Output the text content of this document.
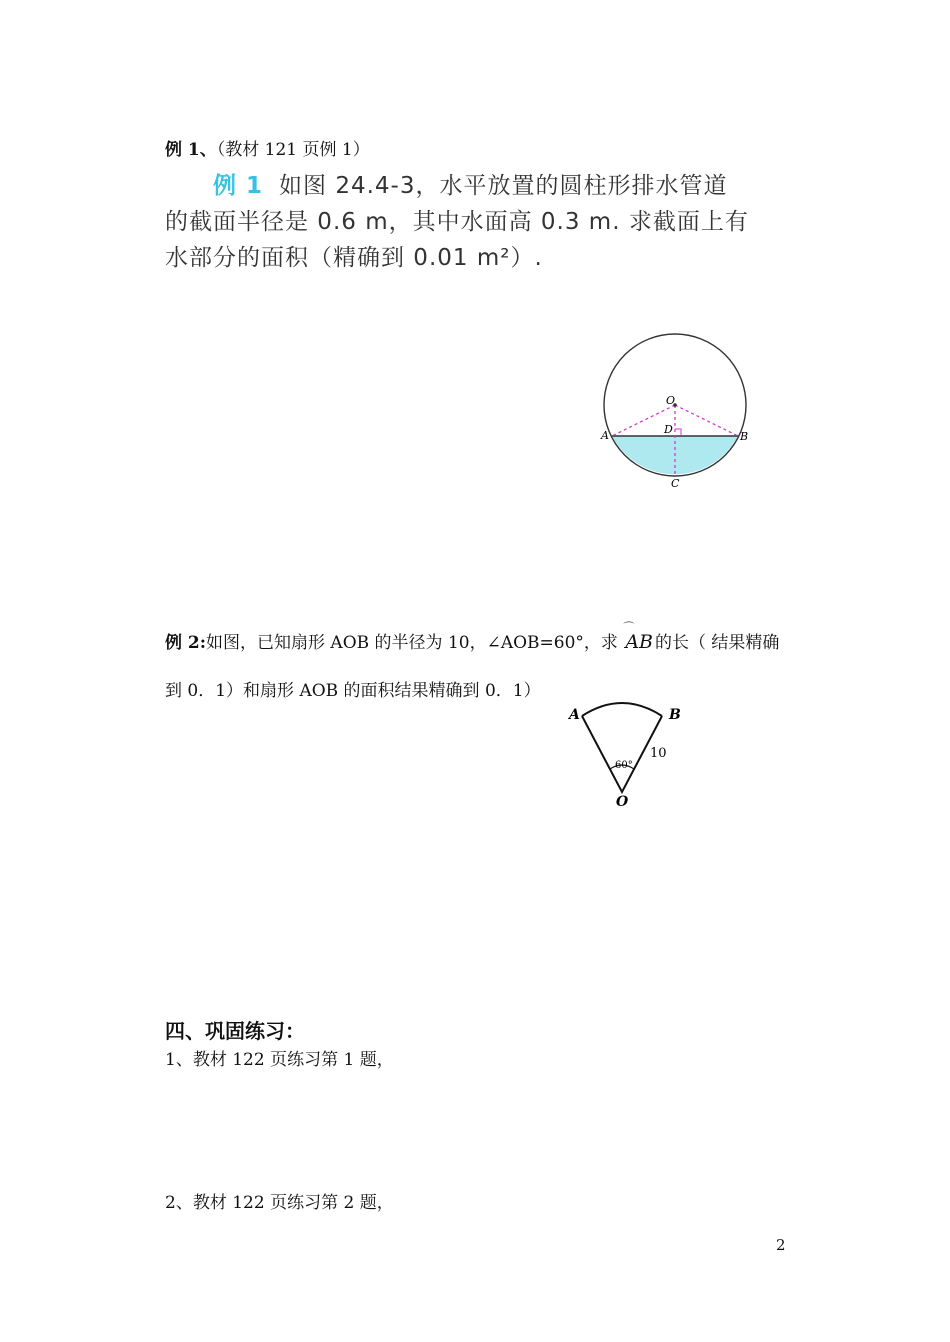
例 1、（教材 121 页例 1）
例 1 如图 24.4-3，水平放置的圆柱形排水管道
的截面半径是 0.6 m，其中水面高 0.3 m. 求截面上有
水部分的面积（精确到 0.01 m²）.
O
A	B
D
C
例 2:如图，已知扇形 AOB 的半径为 10，∠AOB=60°，求
⌒
AB 的长（ 结果精确
到 0．1）和扇形 AOB 的面积结果精确到 0．1）
A	B
O
60°
10
四、巩固练习：
1、教材 122 页练习第 1 题，
2、教材 122 页练习第 2 题，
2
